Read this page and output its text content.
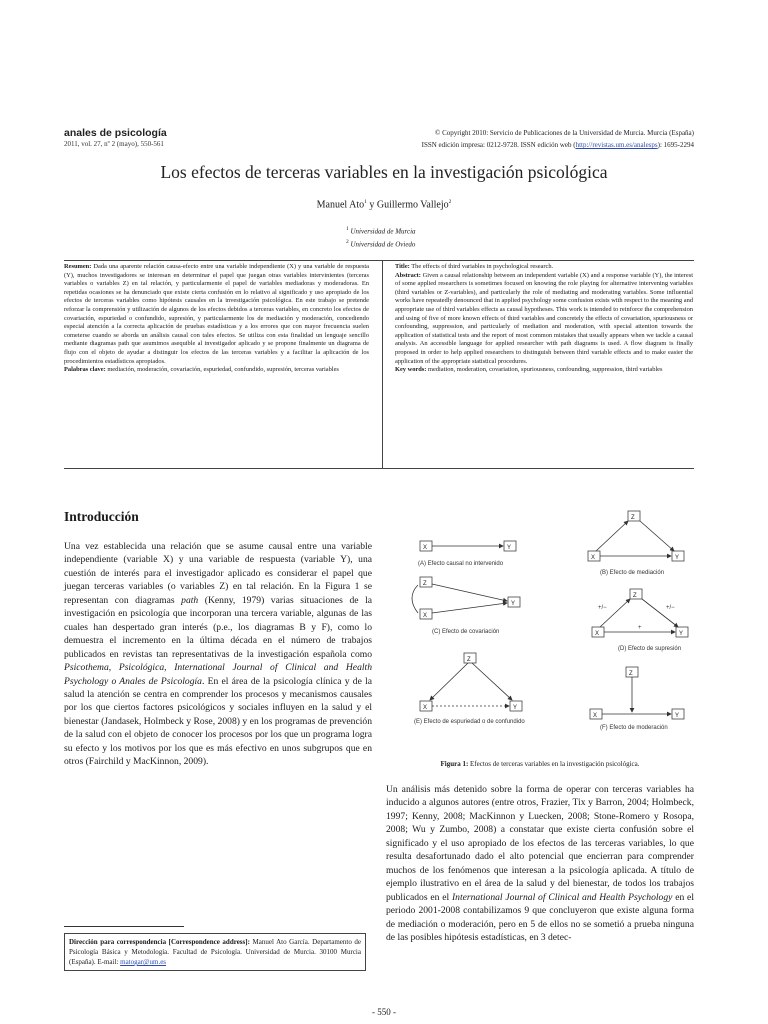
anales de psicología
2011, vol. 27, nº 2 (mayo), 550-561
© Copyright 2010: Servicio de Publicaciones de la Universidad de Murcia. Murcia (España)
ISSN edición impresa: 0212-9728. ISSN edición web (http://revistas.um.es/analesps): 1695-2294
Los efectos de terceras variables en la investigación psicológica
Manuel Ato$^1$ y Guillermo Vallejo$^2$
$^1$ Universidad de Murcia
$^2$ Universidad de Oviedo
Resumen: Dada una aparente relación causa-efecto entre una variable independiente (X) y una variable de respuesta (Y), muchos investigadores se interesan en determinar el papel que juegan otras variables intervinientes (terceras variables o variables Z) en tal relación, y particularmente el papel de variables mediadoras y moderadoras. En repetidas ocasiones se ha denunciado que existe cierta confusión en lo relativo al significado y uso apropiado de los efectos de terceras variables como hipótesis causales en la investigación psicológica. En este trabajo se pretende reforzar la comprensión y utilización de algunos de los efectos debidos a terceras variables, en concreto los efectos de covariación, espuriedad o confundido, supresión, y particularmente los de mediación y moderación, concediendo especial atención a la correcta aplicación de pruebas estadísticas y a los errores que con mayor frecuencia suelen cometerse cuando se aborda un análisis causal con tales efectos. Se utiliza con esta finalidad un lenguaje sencillo mediante diagramas path que asumimos asequible al investigador aplicado y se propone finalmente un diagrama de flujo con el objeto de ayudar a distinguir los efectos de las terceras variables y a facilitar la aplicación de los procedimientos estadísticos apropiados.
Palabras clave: mediación, moderación, covariación, espuriedad, confundido, supresión, terceras variables
Title: The effects of third variables in psychological research.
Abstract: Given a causal relationship between an independent variable (X) and a response variable (Y), the interest of some applied researchers is sometimes focused on knowing the role playing for alternative intervening variables (third variables or Z-variables), and particularly the role of mediating and moderating variables. Some influential works have repeatedly denounced that in applied psychology some confusion exists with respect to the meaning and appropriate use of third variables effects as causal hypotheses. This work is intended to reinforce the comprehension and using of five of more known effects of third variables and concretely the effects of covariation, spuriousness or confounding, suppression, and particularly of mediation and moderation, with special attention towards the application of statistical tests and the report of most common mistakes that usually appears when we tackle a causal analysis. An accessible language for applied researcher with path diagrams is used. A flow diagram is finally proposed in order to help applied researchers to distinguish between third variable effects and to make easier the application of the appropriate statistical procedures.
Key words: mediation, moderation, covariation, spuriousness, confounding, suppression, third variables
Introducción
Una vez establecida una relación que se asume causal entre una variable independiente (variable X) y una variable de respuesta (variable Y), una cuestión de interés para el investigador aplicado es considerar el papel que juegan terceras variables (o variables Z) en tal relación. En la Figura 1 se representan con diagramas path (Kenny, 1979) varias situaciones de la investigación en psicología que incorporan una tercera variable, algunas de las cuales han despertado gran interés (p.e., los diagramas B y F), como lo demuestra el incremento en la última década en el número de trabajos publicados en revistas tan representativas de la investigación española como Psicothema, Psicológica, International Journal of Clinical and Health Psychology o Anales de Psicología. En el área de la psicología clínica y de la salud la atención se centra en comprender los procesos y mecanismos causales por los que ciertos factores psicológicos y sociales influyen en la salud y el bienestar (Jandasek, Holmbeck y Rose, 2008) y en los programas de prevención de la salud con el objeto de conocer los procesos por los que un programa logra su efecto y los motivos por los que es más efectivo en unos subgrupos que en otros (Fairchild y MacKinnon, 2009).
X	Y
(A) Efecto causal no intervenido
Z
X	Y
(B) Efecto de mediación
Z
X
Y
(C) Efecto de covariación
Z
X	Y
+/−	+/−
+
(D) Efecto de supresión
Z
X	Y
(E) Efecto de espuriedad o de confundido
Z
X	Y
(F) Efecto de moderación
Figura 1: Efectos de terceras variables en la investigación psicológica.
Un análisis más detenido sobre la forma de operar con terceras variables ha inducido a algunos autores (entre otros, Frazier, Tix y Barron, 2004; Holmbeck, 1997; Kenny, 2008; MacKinnon y Luecken, 2008; Stone-Romero y Rosopa, 2008; Wu y Zumbo, 2008) a constatar que existe cierta confusión sobre el significado y el uso apropiado de los efectos de las terceras variables, lo que resulta desafortunado dado el alto potencial que encierran para comprender muchos de los fenómenos que interesan a la psicología aplicada. A título de ejemplo ilustrativo en el área de la salud y del bienestar, de todos los trabajos publicados en el International Journal of Clinical and Health Psychology en el periodo 2001-2008 contabilizamos 9 que concluyeron que existe alguna forma de mediación o moderación, pero en 5 de ellos no se sometió a prueba ninguna de las posibles hipótesis estadísticas, en 3 detec-
Dirección para correspondencia [Correspondence address]: Manuel Ato García. Departamento de Psicología Básica y Metodología. Facultad de Psicología. Universidad de Murcia. 30100 Murcia (España). E-mail: matogar@um.es
- 550 -
